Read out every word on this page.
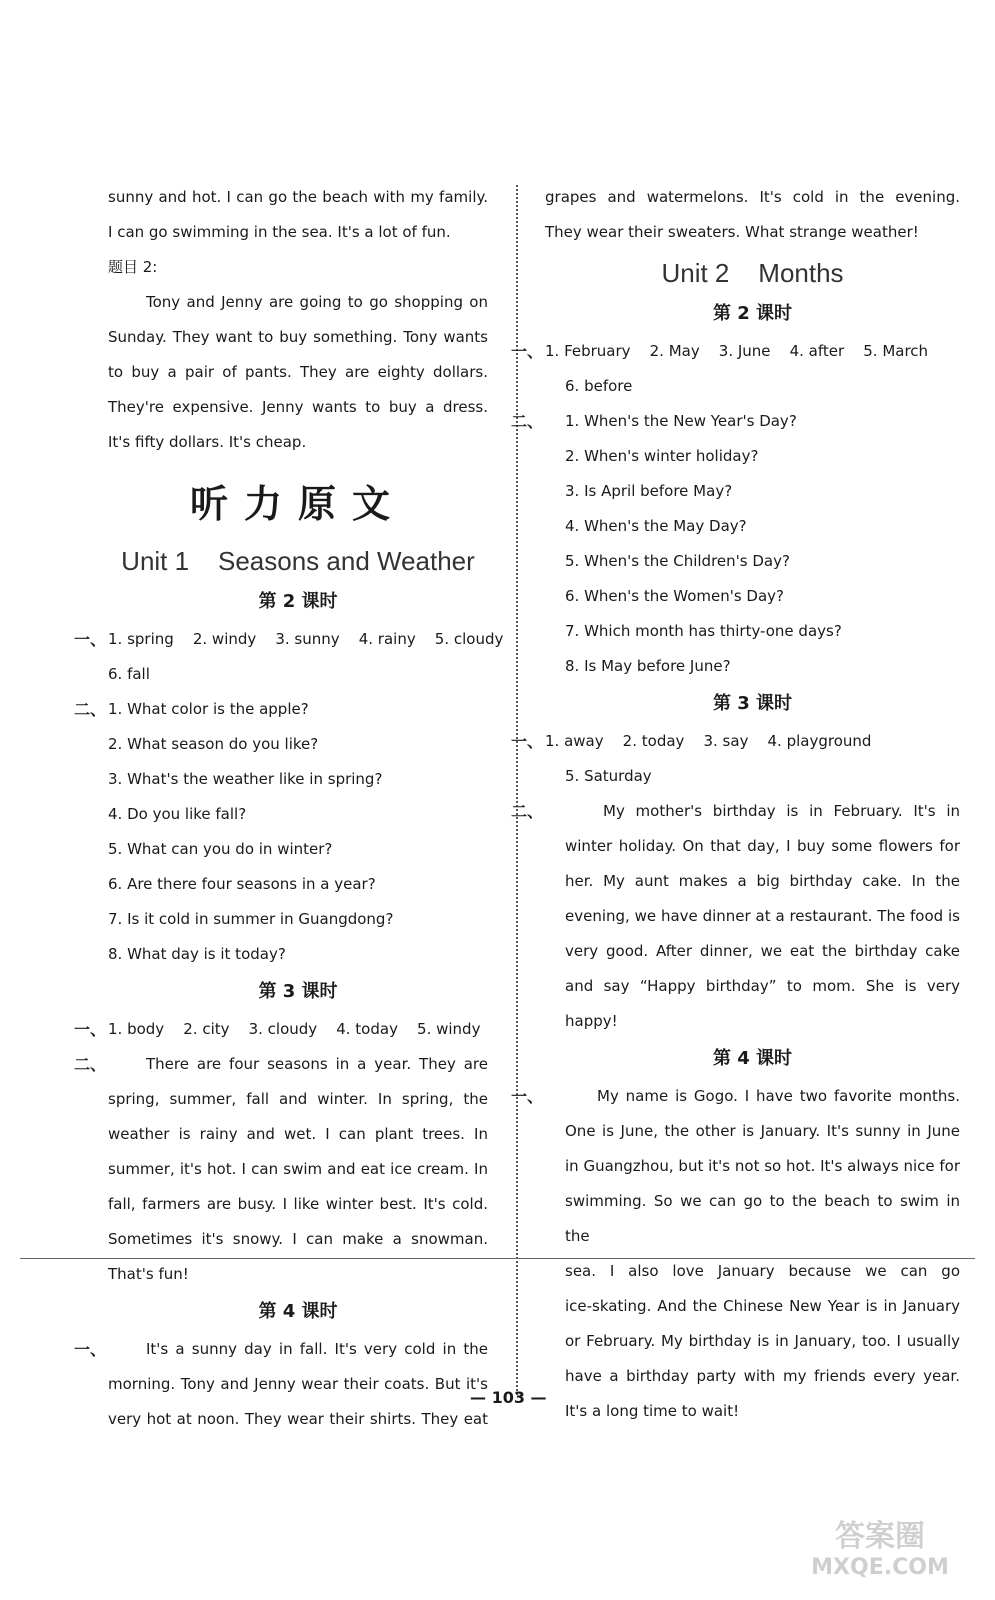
sunny and hot. I can go the beach with my family.

I can go swimming in the sea. It's a lot of fun.

题目 2:

Tony and Jenny are going to go shopping on

Sunday. They want to buy something. Tony wants

to buy a pair of pants. They are eighty dollars.

They're expensive. Jenny wants to buy a dress.

It's fifty dollars. It's cheap.

听力原文
Unit 1 Seasons and Weather

第 2 课时

一、 1. spring    2. windy    3. sunny    4. rainy    5. cloudy

6. fall

二、 1. What color is the apple?

2. What season do you like?

3. What's the weather like in spring?

4. Do you like fall?

5. What can you do in winter?

6. Are there four seasons in a year?

7. Is it cold in summer in Guangdong?

8. What day is it today?

第 3 课时

一、 1. body    2. city    3. cloudy    4. today    5. windy

二、	There are four seasons in a year. They are

spring, summer, fall and winter. In spring, the

weather is rainy and wet. I can plant trees. In

summer, it's hot. I can swim and eat ice cream. In

fall, farmers are busy. I like winter best. It's cold.

Sometimes it's snowy. I can make a snowman.

That's fun!

第 4 课时

一、	It's a sunny day in fall. It's very cold in the

morning. Tony and Jenny wear their coats. But it's

very hot at noon. They wear their shirts. They eat

grapes and watermelons. It's cold in the evening.

They wear their sweaters. What strange weather!

Unit 2 Months

第 2 课时

一、 1. February    2. May    3. June    4. after    5. March

6. before

二、 1. When's the New Year's Day?

2. When's winter holiday?

3. Is April before May?

4. When's the May Day?

5. When's the Children's Day?

6. When's the Women's Day?

7. Which month has thirty-one days?

8. Is May before June?

第 3 课时

一、 1. away    2. today    3. say    4. playground

5. Saturday

二、	My mother's birthday is in February. It's in

winter holiday. On that day, I buy some flowers for

her. My aunt makes a big birthday cake. In the

evening, we have dinner at a restaurant. The food is

very good. After dinner, we eat the birthday cake

and say “Happy birthday” to mom. She is very

happy!

第 4 课时

一、	My name is Gogo. I have two favorite months.

One is June, the other is January. It's sunny in June

in Guangzhou, but it's not so hot. It's always nice for

swimming. So we can go to the beach to swim in the

sea. I also love January because we can go

ice-skating. And the Chinese New Year is in January

or February. My birthday is in January, too. I usually

have a birthday party with my friends every year.

It's a long time to wait!

— 103 —
答案圈
MXQE.COM
